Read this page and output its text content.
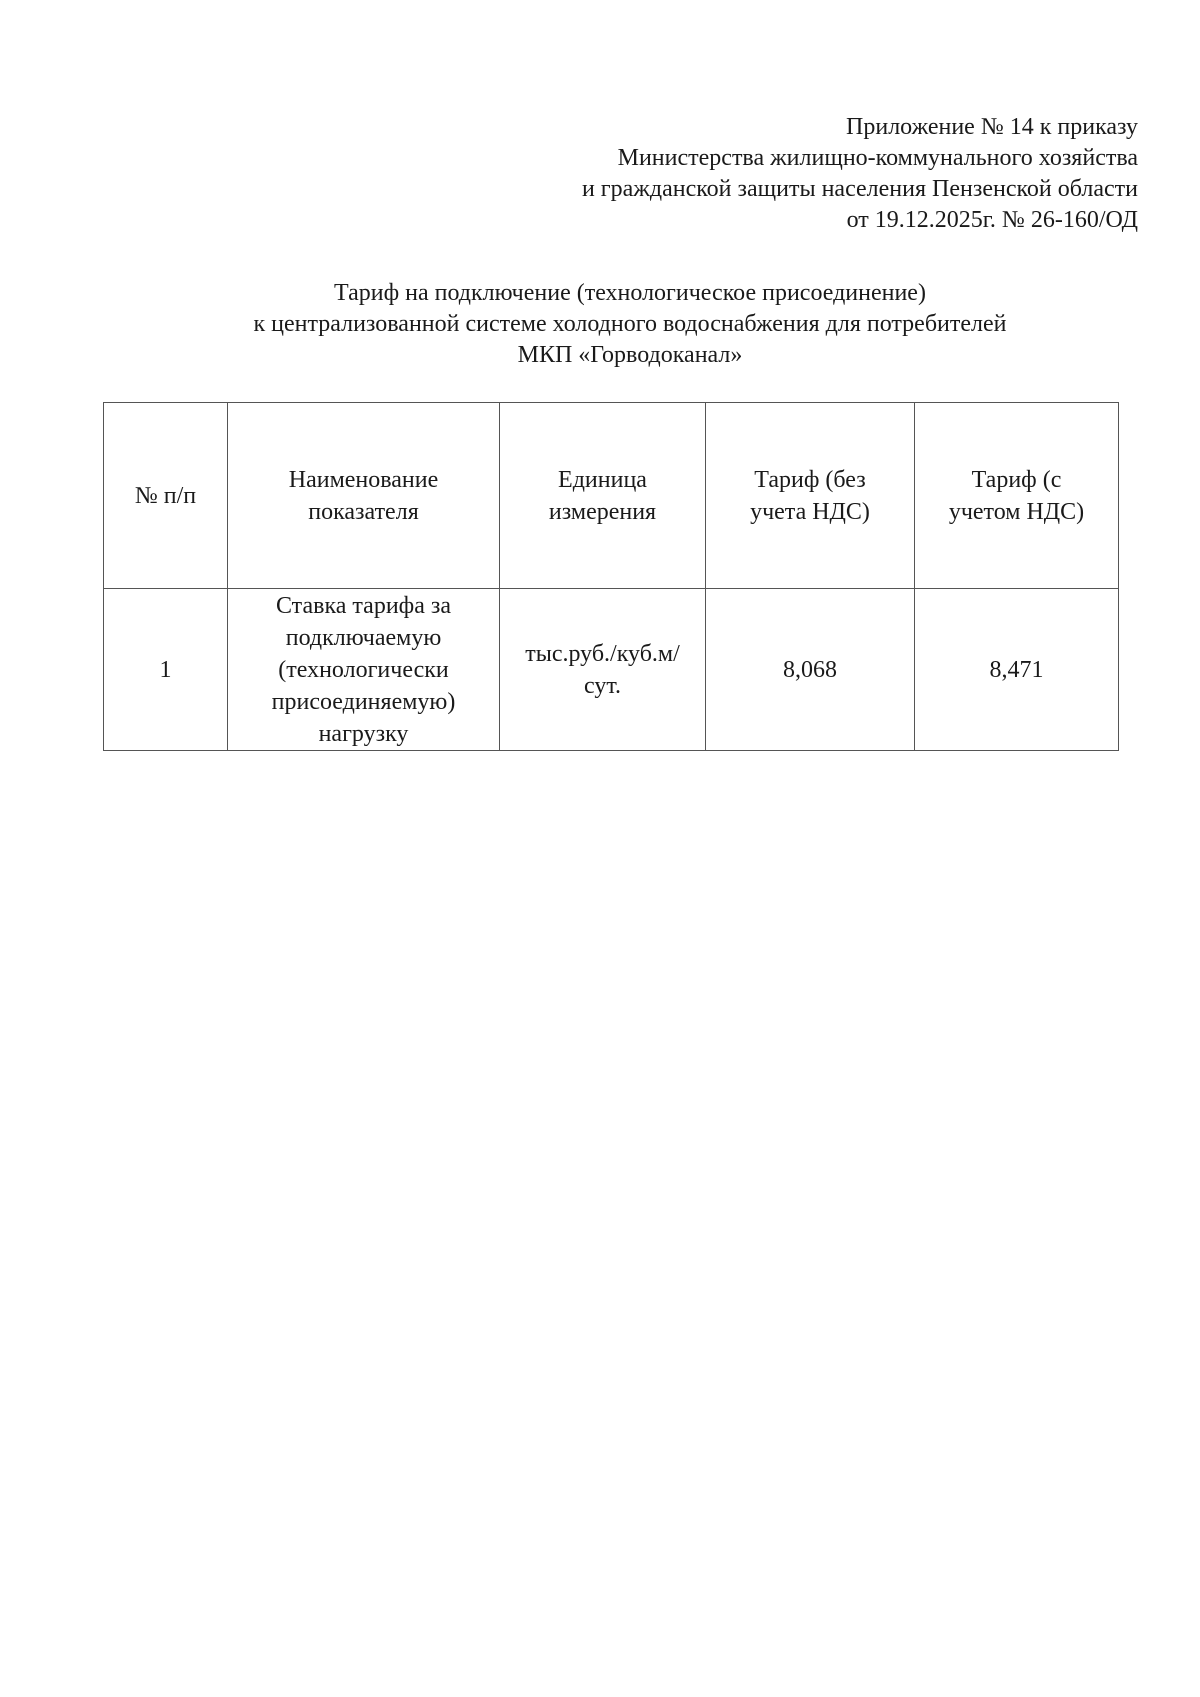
Приложение № 14 к приказу
Министерства жилищно-коммунального хозяйства
и гражданской защиты населения Пензенской области
от 19.12.2025г. № 26-160/ОД
Тариф на подключение (технологическое присоединение)
к централизованной системе холодного водоснабжения для потребителей
МКП «Горводоканал»
№ п/п	Наименование показателя	Единица измерения	Тариф (без учета НДС)	Тариф (с учетом НДС)
1	Ставка тарифа за подключаемую (технологически присоединяемую) нагрузку	тыс.руб./куб.м/сут.	8,068	8,471
